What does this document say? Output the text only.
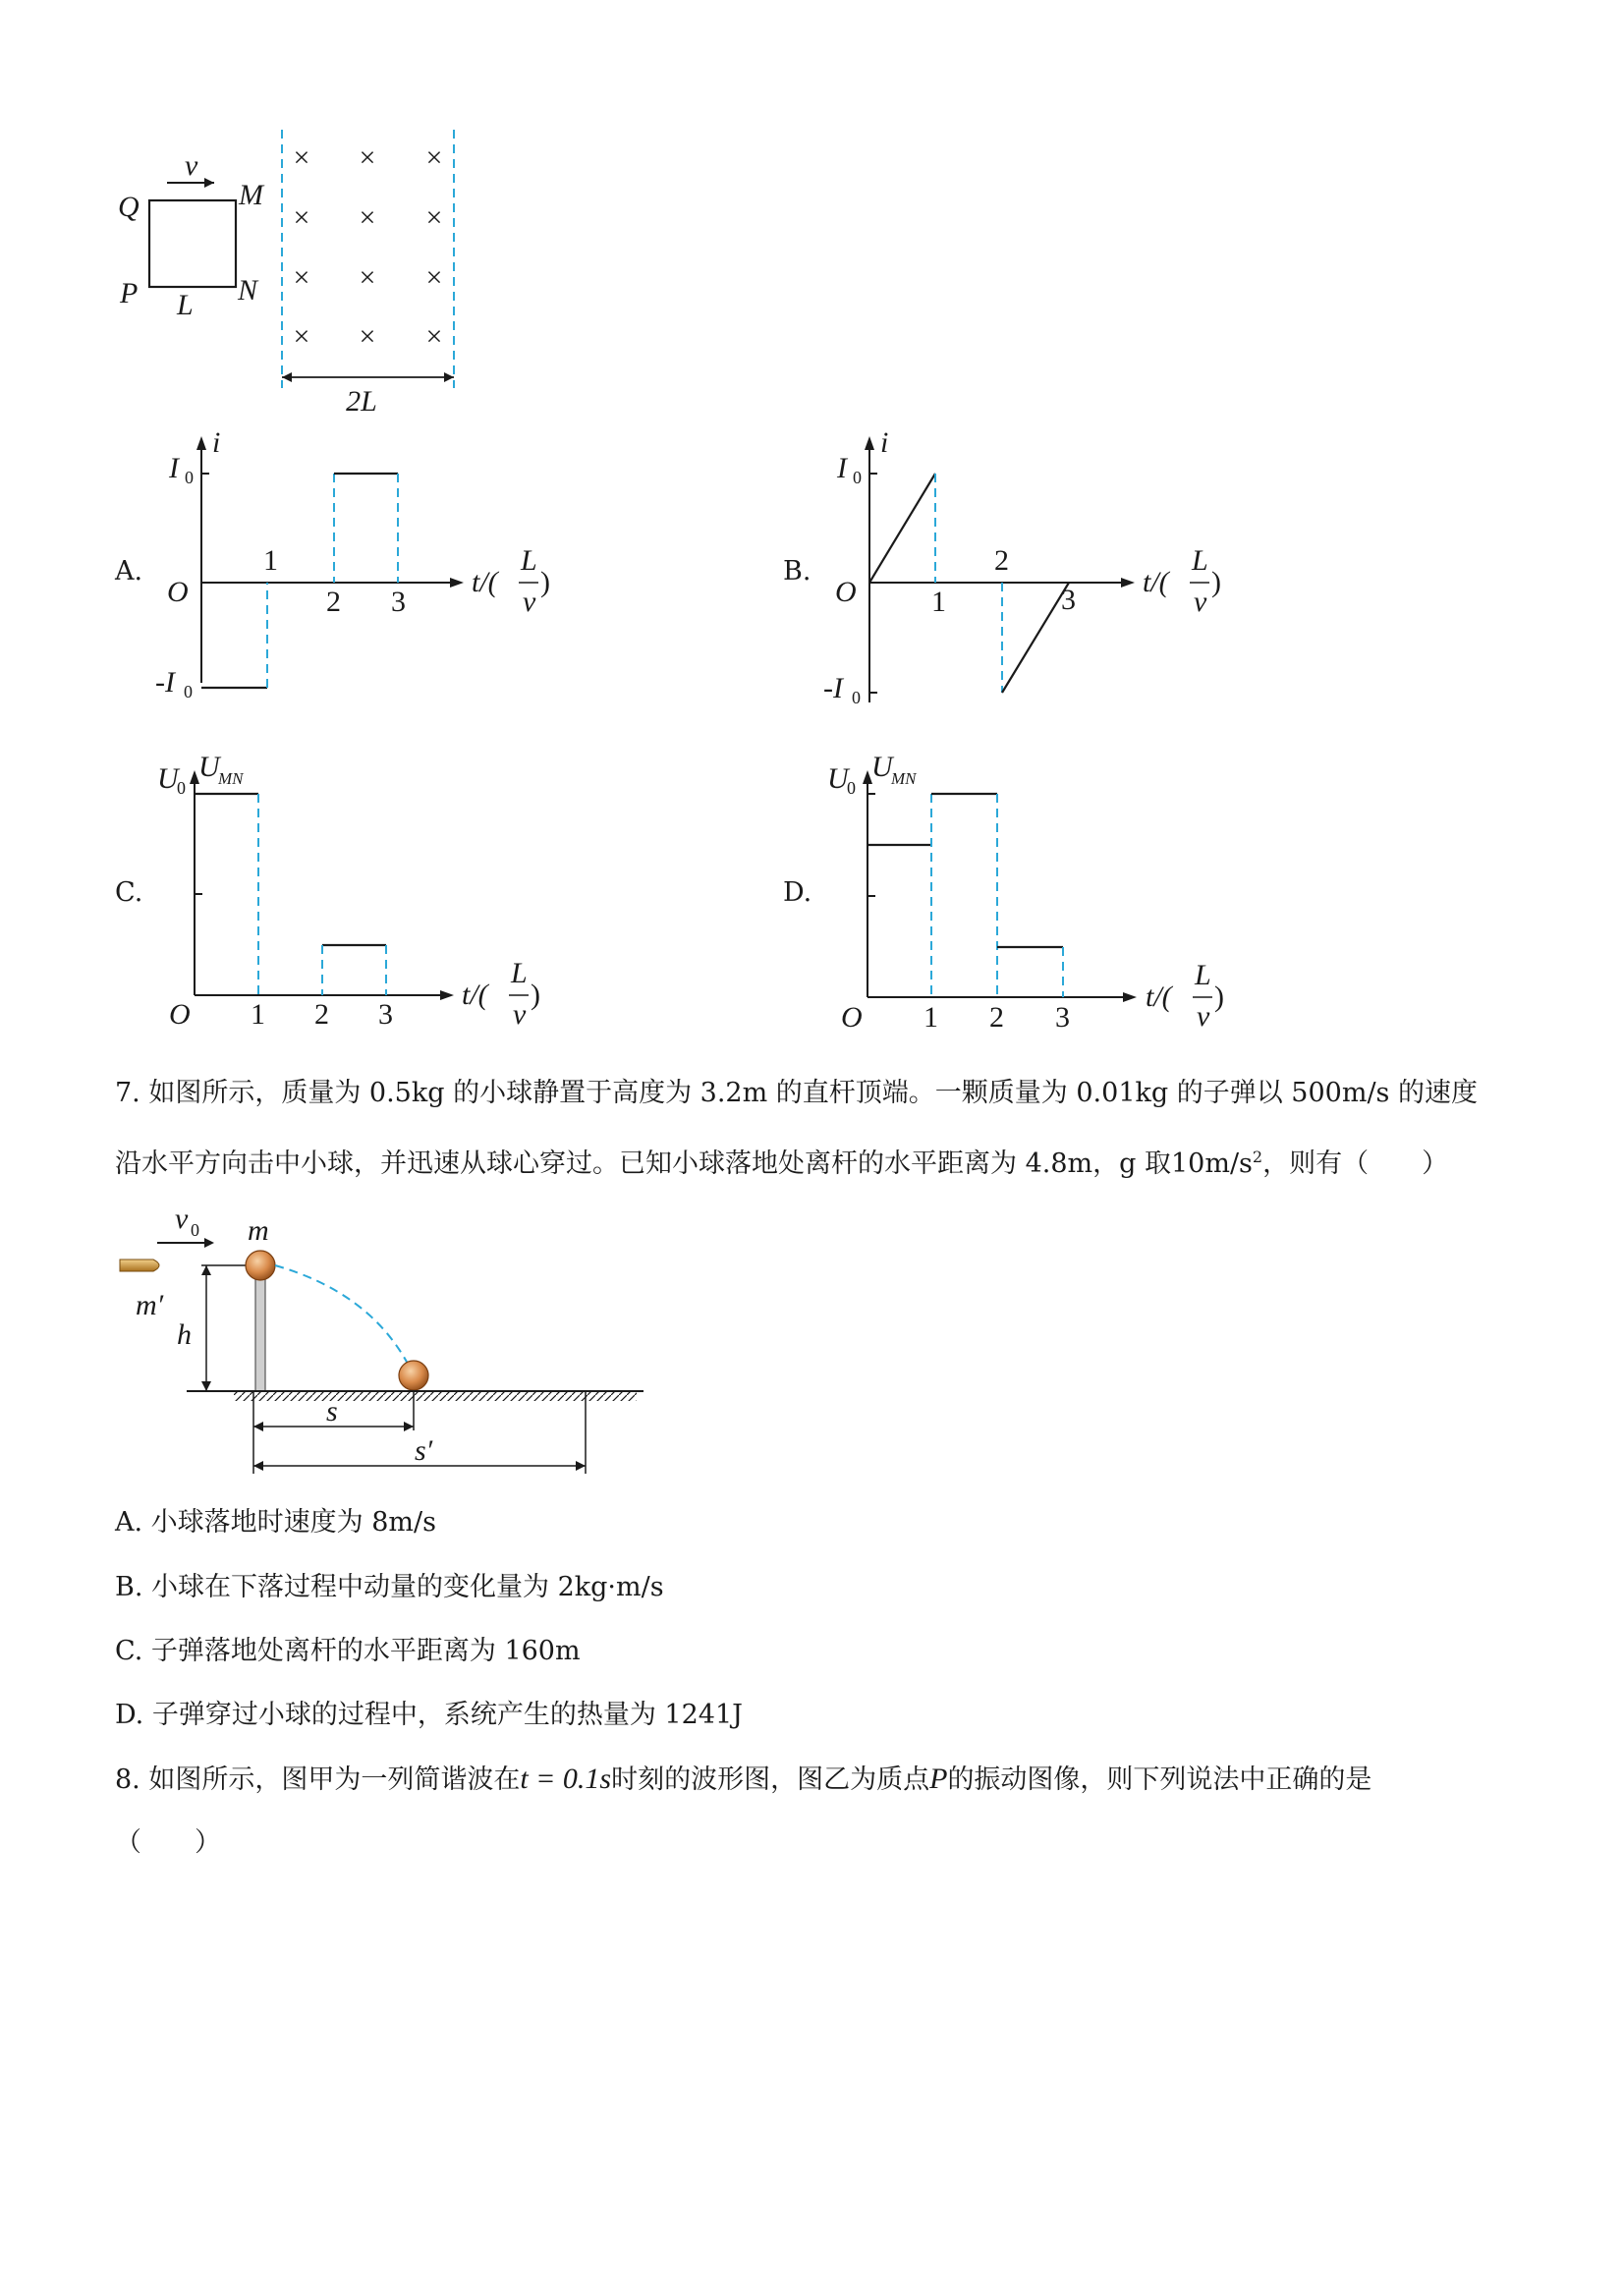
v
Q	M
P	N
L
× × ×
× × ×
× × ×
× × ×
2L
A.
i
I 0
O
-I 0
1
2 3
t/(
L
v
)	B.
i
I 0
O
-I 0
1
2
3
t/(
L
v
)
C.
U
MN
U
0
O 1 2 3
t/(
L
v
)
D.
U
MN
U
0
O 1 2 3
t/(
L
v
)
7. 如图所示，质量为 0.5kg 的小球静置于高度为 3.2m 的直杆顶端。一颗质量为 0.01kg 的子弹以 500m/s 的速度
沿水平方向击中小球，并迅速从球心穿过。已知小球落地处离杆的水平距离为 4.8m，g 取$10m/s^2$，则有（　　）
v 0 m
m′
h
s
s′
A. 小球落地时速度为 8m/s
B. 小球在下落过程中动量的变化量为 2kg·m/s
C. 子弹落地处离杆的水平距离为 160m
D. 子弹穿过小球的过程中，系统产生的热量为 1241J
8. 如图所示，图甲为一列简谐波在t = 0.1s时刻的波形图，图乙为质点P的振动图像，则下列说法中正确的是
（　　）
